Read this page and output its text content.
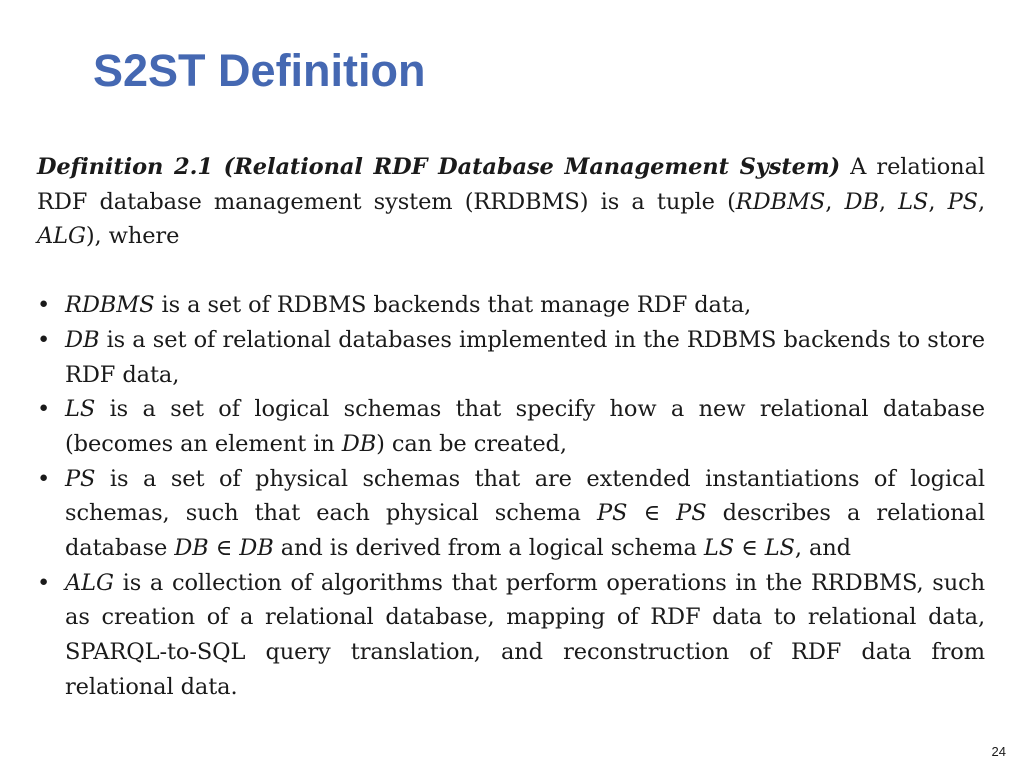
S2ST Definition

Definition 2.1 (Relational RDF Database Management System) A relational RDF database management system (RRDBMS) is a tuple (RDBMS, DB, LS, PS, ALG), where

• RDBMS is a set of RDBMS backends that manage RDF data,
• DB is a set of relational databases implemented in the RDBMS backends to store RDF data,
• LS is a set of logical schemas that specify how a new relational database (becomes an element in DB) can be created,
• PS is a set of physical schemas that are extended instantiations of logical schemas, such that each physical schema PS ∈ PS describes a relational database DB ∈ DB and is derived from a logical schema LS ∈ LS, and
• ALG is a collection of algorithms that perform operations in the RRDBMS, such as creation of a relational database, mapping of RDF data to relational data, SPARQL-to-SQL query translation, and reconstruction of RDF data from relational data.
24
